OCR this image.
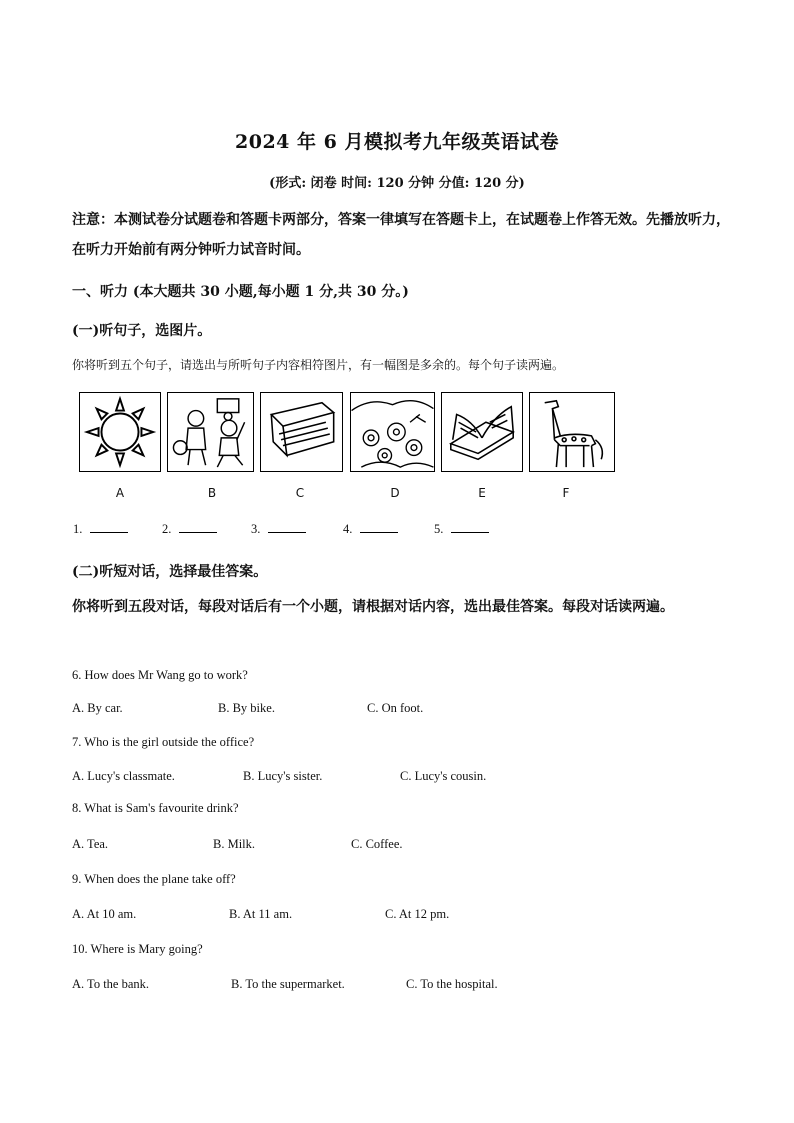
2024 年 6 月模拟考九年级英语试卷
(形式: 闭卷 时间: 120 分钟 分值: 120 分)
注意：本测试卷分试题卷和答题卡两部分，答案一律填写在答题卡上，在试题卷上作答无效。先播放听力，在听力开始前有两分钟听力试音时间。
一、听力 (本大题共 30 小题,每小题 1 分,共 30 分。)
(一)听句子，选图片。
你将听到五个句子，请选出与所听句子内容相符图片，有一幅图是多余的。每个句子读两遍。
A	B	C	D	E	F
1.	2.	3.	4.	5.
(二)听短对话，选择最佳答案。
你将听到五段对话，每段对话后有一个小题，请根据对话内容，选出最佳答案。每段对话读两遍。
6. How does Mr Wang go to work?
A. By car.	B. By bike.	C. On foot.
7. Who is the girl outside the office?
A. Lucy's classmate.	B. Lucy's sister.	C. Lucy's cousin.
8. What is Sam's favourite drink?
A. Tea.	B. Milk.	C. Coffee.
9. When does the plane take off?
A. At 10 am.	B. At 11 am.	C. At 12 pm.
10. Where is Mary going?
A. To the bank.	B. To the supermarket.	C. To the hospital.
